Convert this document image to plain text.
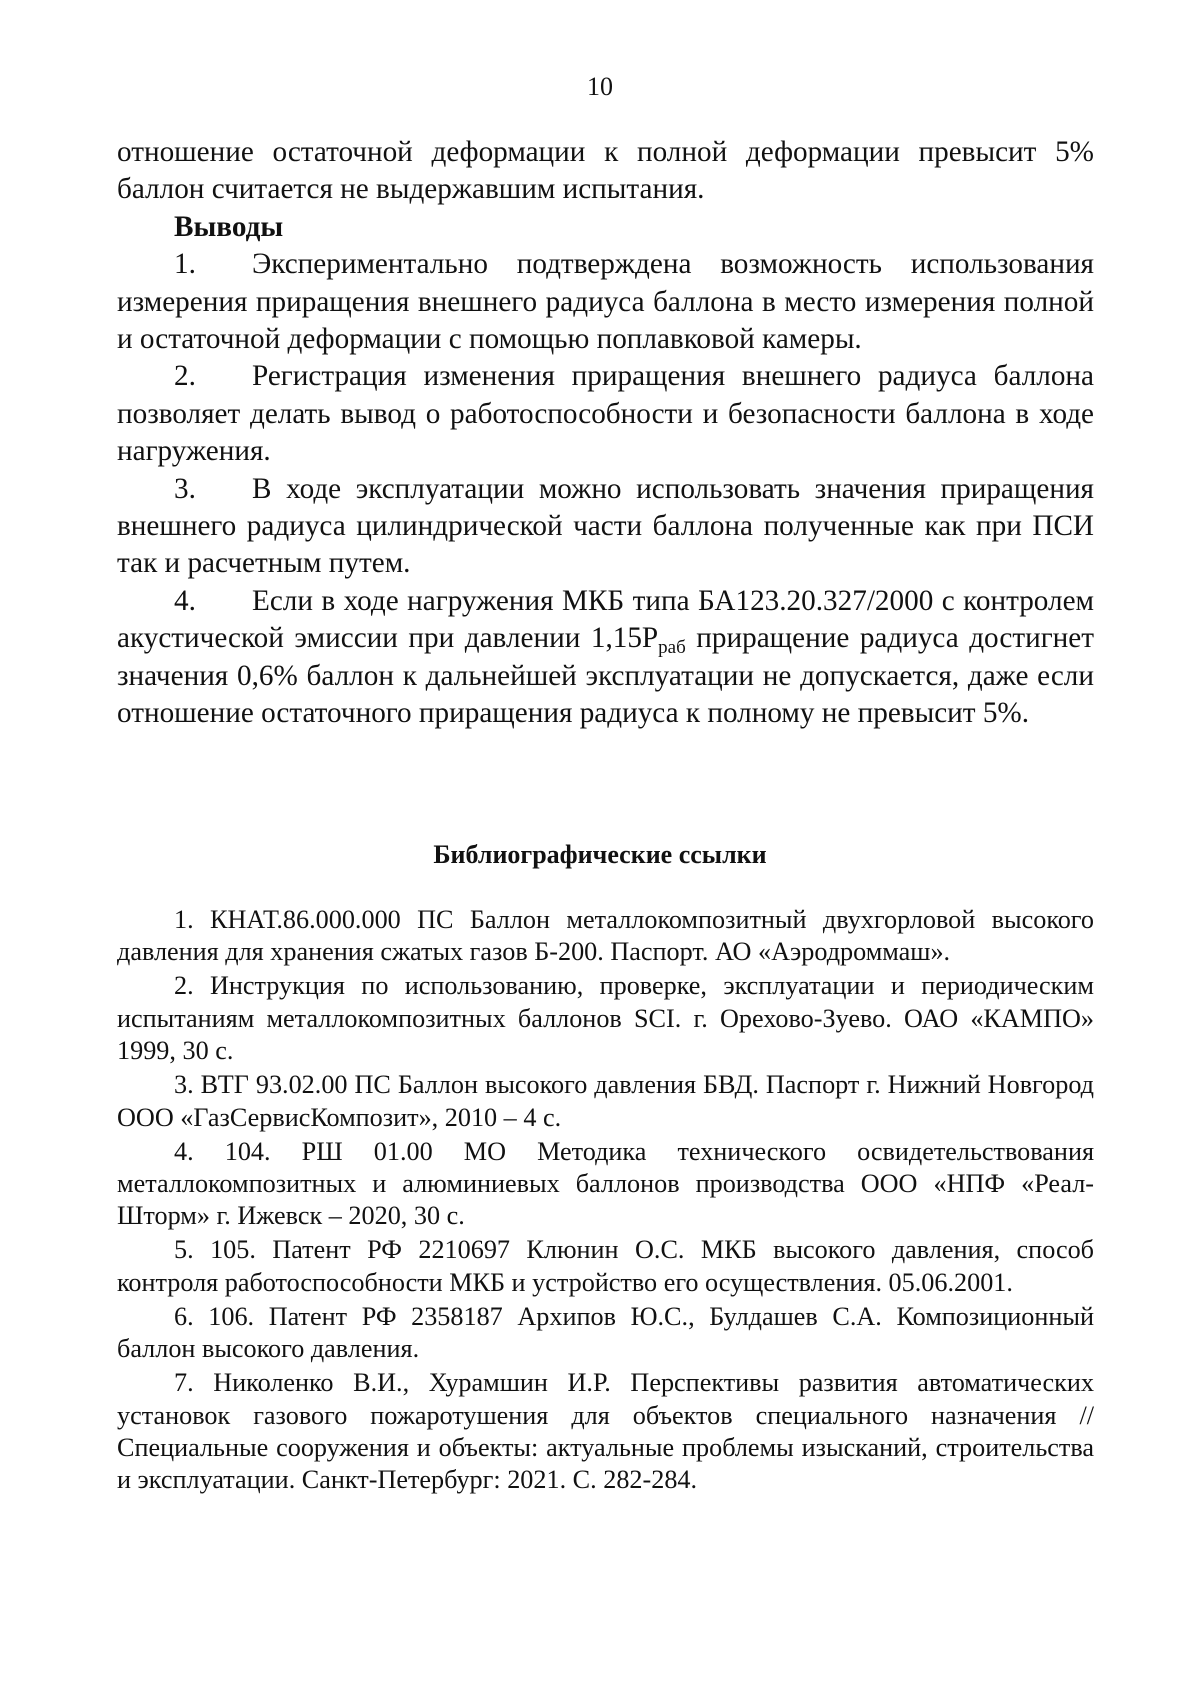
10

отношение остаточной деформации к полной деформации превысит 5% баллон считается не выдержавшим испытания.

Выводы

1. Экспериментально подтверждена возможность использования измерения приращения внешнего радиуса баллона в место измерения полной и остаточной деформации с помощью поплавковой камеры.

2. Регистрация изменения приращения внешнего радиуса баллона позволяет делать вывод о работоспособности и безопасности баллона в ходе нагружения.

3. В ходе эксплуатации можно использовать значения приращения внешнего радиуса цилиндрической части баллона полученные как при ПСИ так и расчетным путем.

4. Если в ходе нагружения МКБ типа БА123.20.327/2000 с контролем акустической эмиссии при давлении $1,15Р_{раб}$ приращение радиуса достигнет значения 0,6% баллон к дальнейшей эксплуатации не допускается, даже если отношение остаточного приращения радиуса к полному не превысит 5%.

Библиографические ссылки

1. КНАТ.86.000.000 ПС Баллон металлокомпозитный двухгорловой высокого давления для хранения сжатых газов Б-200. Паспорт. АО «Аэродроммаш».

2. Инструкция по использованию, проверке, эксплуатации и периодическим испытаниям металлокомпозитных баллонов SCI. г. Орехово-Зуево. ОАО «КАМПО» 1999, 30 с.

3. ВТГ 93.02.00 ПС Баллон высокого давления БВД. Паспорт г. Нижний Новгород ООО «ГазСервисКомпозит», 2010 – 4 с.

4. 104. РШ 01.00 МО Методика технического освидетельствования металлокомпозитных и алюминиевых баллонов производства ООО «НПФ «Реал-Шторм» г. Ижевск – 2020, 30 с.

5. 105. Патент РФ 2210697 Клюнин О.С. МКБ высокого давления, способ контроля работоспособности МКБ и устройство его осуществления. 05.06.2001.

6. 106. Патент РФ 2358187 Архипов Ю.С., Булдашев С.А. Композиционный баллон высокого давления.

7. Николенко В.И., Хурамшин И.Р. Перспективы развития автоматических установок газового пожаротушения для объектов специального назначения // Специальные сооружения и объекты: актуальные проблемы изысканий, строительства и эксплуатации. Санкт-Петербург: 2021. С. 282-284.
